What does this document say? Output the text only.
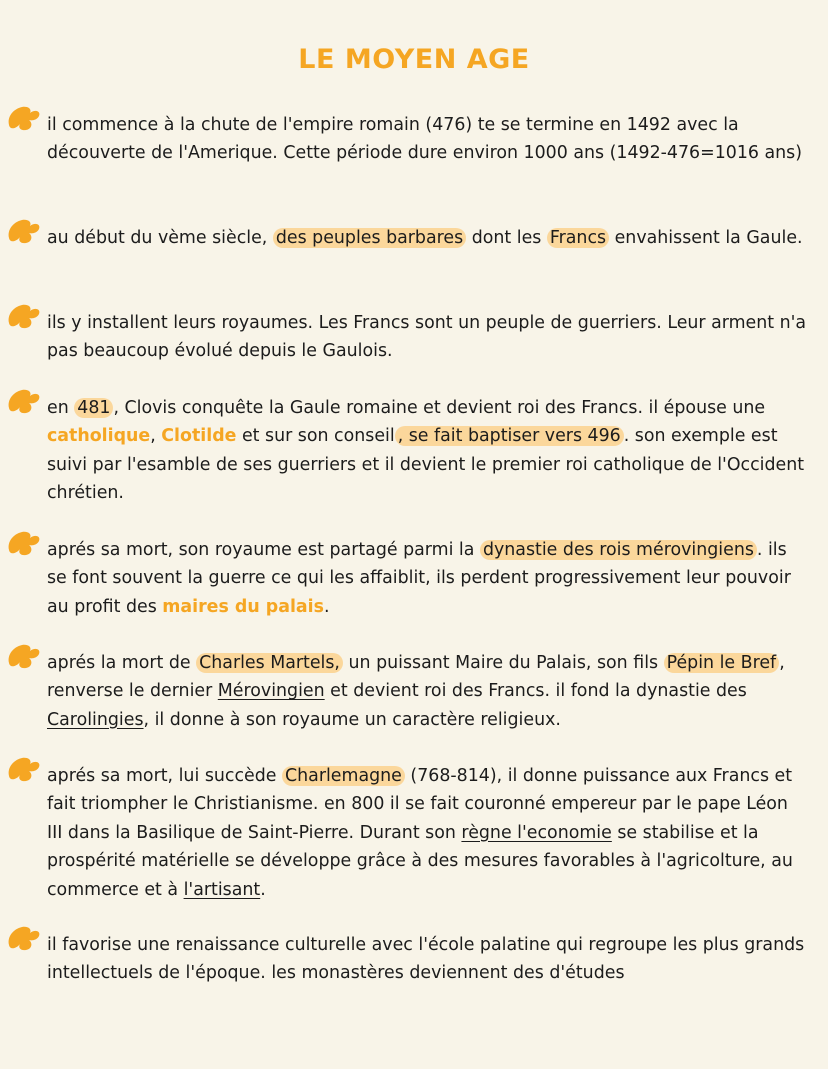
LE MOYEN AGE
il commence à la chute de l'empire romain (476) te se termine en 1492 avec la découverte de l'Amerique. Cette période dure environ 1000 ans (1492-476=1016 ans)
au début du vème siècle, des peuples barbares dont les Francs envahissent la Gaule.
ils y installent leurs royaumes. Les Francs sont un peuple de guerriers. Leur arment n'a pas beaucoup évolué depuis le Gaulois.
en 481 , Clovis conquête la Gaule romaine et devient roi des Francs. il épouse une catholique, Clotilde et sur son conseil , se fait baptiser vers 496 . son exemple est suivi par l'esamble de ses guerriers et il devient le premier roi catholique de l'Occident chrétien.
aprés sa mort, son royaume est partagé parmi la dynastie des rois mérovingiens . ils se font souvent la guerre ce qui les affaiblit, ils perdent progressivement leur pouvoir au profit des maires du palais.
aprés la mort de Charles Martels, un puissant Maire du Palais, son fils Pépin le Bref , renverse le dernier Mérovingien et devient roi des Francs. il fond la dynastie des Carolingies, il donne à son royaume un caractère religieux.
aprés sa mort, lui succède Charlemagne (768-814), il donne puissance aux Francs et fait triompher le Christianisme. en 800 il se fait couronné empereur par le pape Léon III dans la Basilique de Saint-Pierre. Durant son règne l'economie se stabilise et la prospérité matérielle se développe grâce à des mesures favorables à l'agricolture, au commerce et à l'artisant.
il favorise une renaissance culturelle avec l'école palatine qui regroupe les plus grands intellectuels de l'époque. les monastères deviennent des d'études
